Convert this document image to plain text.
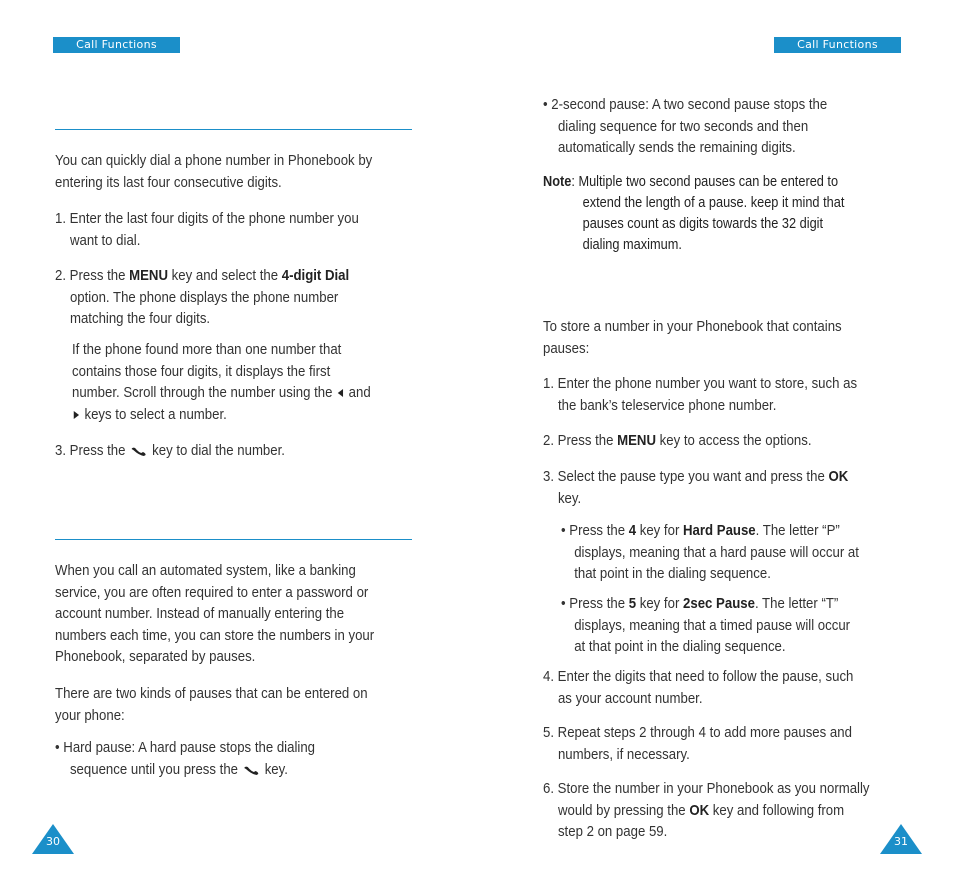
Call Functions	Call Functions
You can quickly dial a phone number in Phonebook by
entering its last four consecutive digits.
1. Enter the last four digits of the phone number you
want to dial.
2. Press the MENU key and select the 4-digit Dial
option. The phone displays the phone number
matching the four digits.
If the phone found more than one number that
contains those four digits, it displays the first
number. Scroll through the number using the  and
keys to select a number.
3. Press the  key to dial the number.
When you call an automated system, like a banking
service, you are often required to enter a password or
account number. Instead of manually entering the
numbers each time, you can store the numbers in your
Phonebook, separated by pauses.
There are two kinds of pauses that can be entered on
your phone:
• Hard pause: A hard pause stops the dialing
sequence until you press the  key.
30
• 2-second pause: A two second pause stops the
dialing sequence for two seconds and then
automatically sends the remaining digits.
Note: Multiple two second pauses can be entered to
extend the length of a pause. keep it mind that
pauses count as digits towards the 32 digit
dialing maximum.
To store a number in your Phonebook that contains
pauses:
1. Enter the phone number you want to store, such as
the bank’s teleservice phone number.
2. Press the MENU key to access the options.
3. Select the pause type you want and press the OK
key.
• Press the 4 key for Hard Pause. The letter “P”
displays, meaning that a hard pause will occur at
that point in the dialing sequence.
• Press the 5 key for 2sec Pause. The letter “T”
displays, meaning that a timed pause will occur
at that point in the dialing sequence.
4. Enter the digits that need to follow the pause, such
as your account number.
5. Repeat steps 2 through 4 to add more pauses and
numbers, if necessary.
6. Store the number in your Phonebook as you normally
would by pressing the OK key and following from
step 2 on page 59.
31
